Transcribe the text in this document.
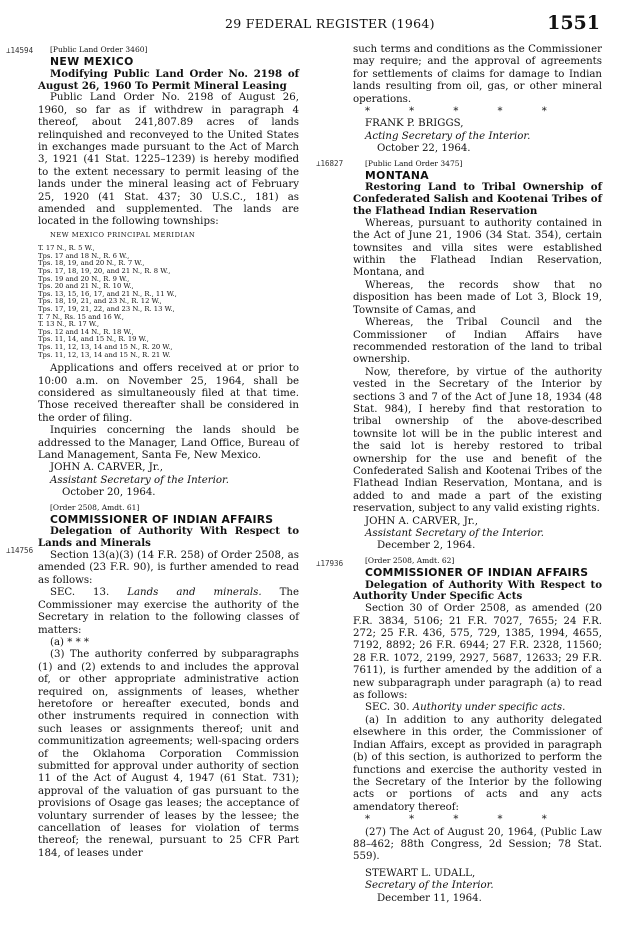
29 FEDERAL REGISTER (1964)	1551
⊥14594
⊥14756
⊥16827
⊥17936

[Public Land Order 3460]

NEW MEXICO

Modifying Public Land Order No. 2198 of August 26, 1960 To Permit Mineral Leasing

Public Land Order No. 2198 of August 26, 1960, so far as if withdrew in paragraph 4 thereof, about 241,807.89 acres of lands relinquished and reconveyed to the United States in exchanges made pursuant to the Act of March 3, 1921 (41 Stat. 1225–1239) is hereby modified to the extent necessary to permit leasing of the lands under the mineral leasing act of February 25, 1920 (41 Stat. 437; 30 U.S.C., 181) as amended and supplemented. The lands are located in the following townships:

NEW MEXICO PRINCIPAL MERIDIAN

T. 17 N., R. 5 W.,
Tps. 17 and 18 N., R. 6 W.,
Tps. 18, 19, and 20 N., R. 7 W.,
Tps. 17, 18, 19, 20, and 21 N., R. 8 W.,
Tps. 19 and 20 N., R. 9 W.,
Tps. 20 and 21 N., R. 10 W.,
Tps. 13, 15, 16, 17, and 21 N., R., 11 W.,
Tps. 18, 19, 21, and 23 N., R. 12 W.,
Tps. 17, 19, 21, 22, and 23 N., R. 13 W.,
T. 7 N., Rs. 15 and 16 W.,
T. 13 N., R. 17 W.,
Tps. 12 and 14 N., R. 18 W.,
Tps. 11, 14, and 15 N., R. 19 W.,
Tps. 11, 12, 13, 14 and 15 N., R. 20 W.,
Tps. 11, 12, 13, 14 and 15 N., R. 21 W.

Applications and offers received at or prior to 10:00 a.m. on November 25, 1964, shall be considered as simultaneously filed at that time. Those received thereafter shall be considered in the order of filing.

Inquiries concerning the lands should be addressed to the Manager, Land Office, Bureau of Land Management, Santa Fe, New Mexico.

JOHN A. CARVER, Jr.,

Assistant Secretary of the Interior.

October 20, 1964.

[Order 2508, Amdt. 61]

COMMISSIONER OF INDIAN AFFAIRS

Delegation of Authority With Respect to Lands and Minerals

Section 13(a)(3) (14 F.R. 258) of Order 2508, as amended (23 F.R. 90), is further amended to read as follows:

SEC. 13. Lands and minerals. The Commissioner may exercise the authority of the Secretary in relation to the following classes of matters:

(a) * * *

(3) The authority conferred by subparagraphs (1) and (2) extends to and includes the approval of, or other appropriate administrative action required on, assignments of leases, whether heretofore or hereafter executed, bonds and other instruments required in connection with such leases or assignments thereof; unit and communitization agreements; well-spacing orders of the Oklahoma Corporation Commission submitted for approval under authority of section 11 of the Act of August 4, 1947 (61 Stat. 731); approval of the valuation of gas pursuant to the provisions of Osage gas leases; the acceptance of voluntary surrender of leases by the lessee; the cancellation of leases for violation of terms thereof; the renewal, pursuant to 25 CFR Part 184, of leases under

such terms and conditions as the Commissioner may require; and the approval of agreements for settlements of claims for damage to Indian lands resulting from oil, gas, or other mineral operations.

* * * * *

FRANK P. BRIGGS,

Acting Secretary of the Interior.

October 22, 1964.

[Public Land Order 3475]

MONTANA

Restoring Land to Tribal Ownership of Confederated Salish and Kootenai Tribes of the Flathead Indian Reservation

Whereas, pursuant to authority contained in the Act of June 21, 1906 (34 Stat. 354), certain townsites and villa sites were established within the Flathead Indian Reservation, Montana, and

Whereas, the records show that no disposition has been made of Lot 3, Block 19, Townsite of Camas, and

Whereas, the Tribal Council and the Commissioner of Indian Affairs have recommended restoration of the land to tribal ownership.

Now, therefore, by virtue of the authority vested in the Secretary of the Interior by sections 3 and 7 of the Act of June 18, 1934 (48 Stat. 984), I hereby find that restoration to tribal ownership of the above-described townsite lot will be in the public interest and the said lot is hereby restored to tribal ownership for the use and benefit of the Confederated Salish and Kootenai Tribes of the Flathead Indian Reservation, Montana, and is added to and made a part of the existing reservation, subject to any valid existing rights.

JOHN A. CARVER, Jr.,

Assistant Secretary of the Interior.

December 2, 1964.

[Order 2508, Amdt. 62]

COMMISSIONER OF INDIAN AFFAIRS

Delegation of Authority With Respect to Authority Under Specific Acts

Section 30 of Order 2508, as amended (20 F.R. 3834, 5106; 21 F.R. 7027, 7655; 24 F.R. 272; 25 F.R. 436, 575, 729, 1385, 1994, 4655, 7192, 8892; 26 F.R. 6944; 27 F.R. 2328, 11560; 28 F.R. 1072, 2199, 2927, 5687, 12633; 29 F.R. 7611), is further amended by the addition of a new subparagraph under paragraph (a) to read as follows:

SEC. 30. Authority under specific acts.

(a) In addition to any authority delegated elsewhere in this order, the Commissioner of Indian Affairs, except as provided in paragraph (b) of this section, is authorized to perform the functions and exercise the authority vested in the Secretary of the Interior by the following acts or portions of acts and any acts amendatory thereof:

* * * * *

(27) The Act of August 20, 1964, (Public Law 88–462; 88th Congress, 2d Session; 78 Stat. 559).

STEWART L. UDALL,

Secretary of the Interior.

December 11, 1964.
